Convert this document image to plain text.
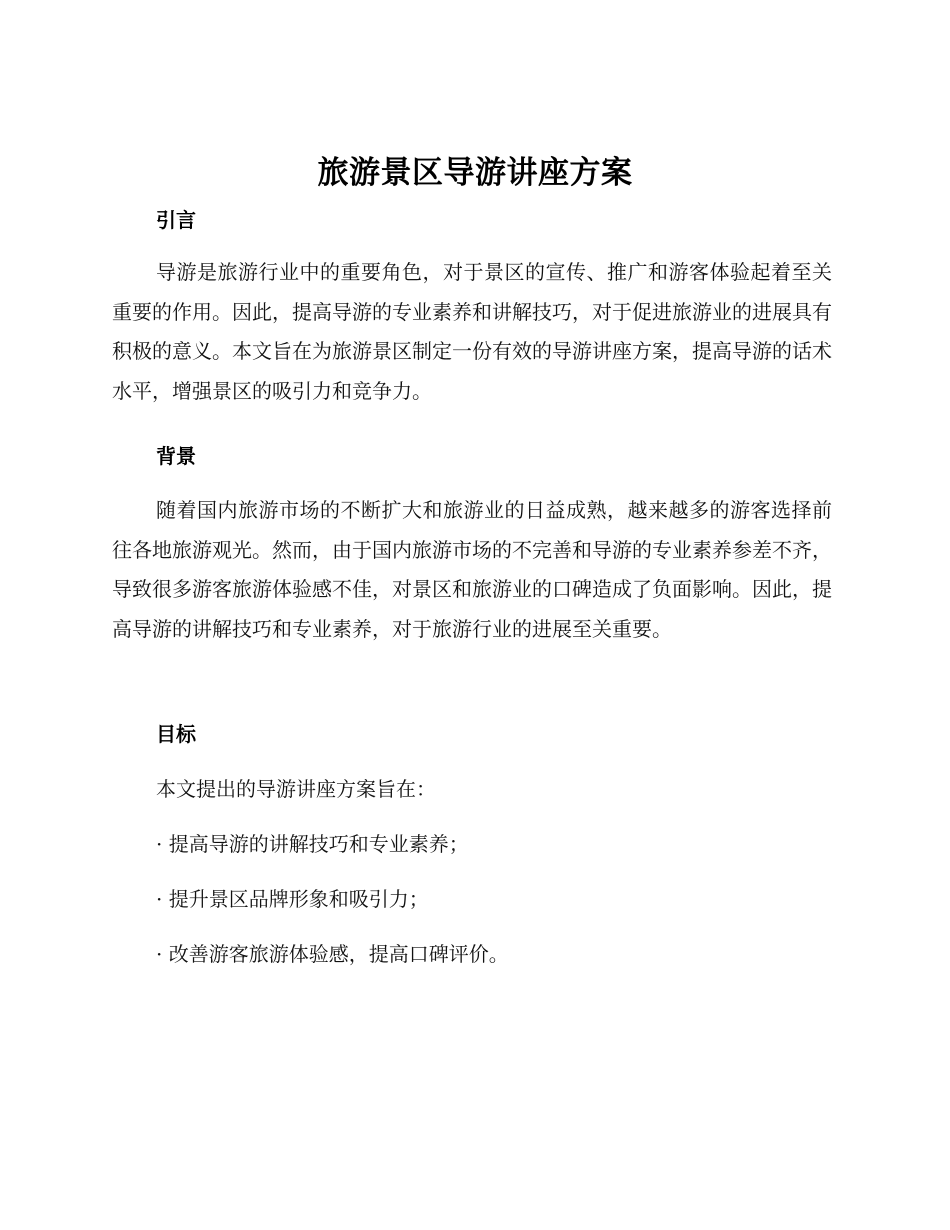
旅游景区导游讲座方案
引言

导游是旅游行业中的重要角色，对于景区的宣传、推广和游客体验起着至关重要的作用。因此，提高导游的专业素养和讲解技巧，对于促进旅游业的进展具有积极的意义。本文旨在为旅游景区制定一份有效的导游讲座方案，提高导游的话术水平，增强景区的吸引力和竞争力。

背景

随着国内旅游市场的不断扩大和旅游业的日益成熟，越来越多的游客选择前往各地旅游观光。然而，由于国内旅游市场的不完善和导游的专业素养参差不齐，导致很多游客旅游体验感不佳，对景区和旅游业的口碑造成了负面影响。因此，提高导游的讲解技巧和专业素养，对于旅游行业的进展至关重要。

目标

本文提出的导游讲座方案旨在：

· 提高导游的讲解技巧和专业素养；

· 提升景区品牌形象和吸引力；

· 改善游客旅游体验感，提高口碑评价。
